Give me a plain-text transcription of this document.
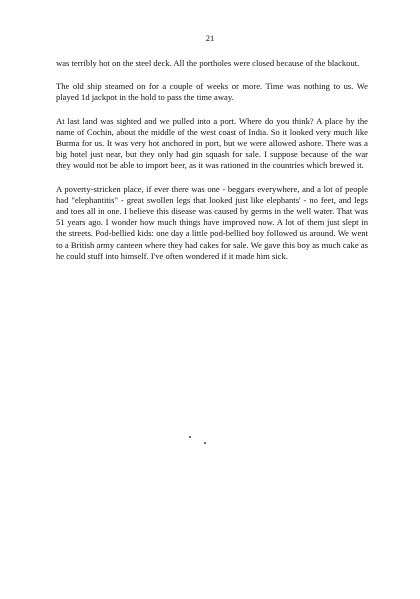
21

was terribly hot on the steel deck. All the portholes were closed because of the blackout.

The old ship steamed on for a couple of weeks or more. Time was nothing to us. We played 1d jackpot in the hold to pass the time away.

At last land was sighted and we pulled into a port. Where do you think? A place by the name of Cochin, about the middle of the west coast of India. So it looked very much like Burma for us. It was very hot anchored in port, but we were allowed ashore. There was a big hotel just near, but they only had gin squash for sale. I suppose because of the war they would not be able to import beer, as it was rationed in the countries which brewed it.

A poverty-stricken place, if ever there was one - beggars everywhere, and a lot of people had "elephantitis" - great swollen legs that looked just like elephants' - no feet, and legs and toes all in one. I believe this disease was caused by germs in the well water. That was 51 years ago. I wonder how much things have improved now. A lot of them just slept in the streets. Pod-bellied kids: one day a little pod-bellied boy followed us around. We went to a British army canteen where they had cakes for sale. We gave this boy as much cake as he could stuff into himself. I've often wondered if it made him sick.
